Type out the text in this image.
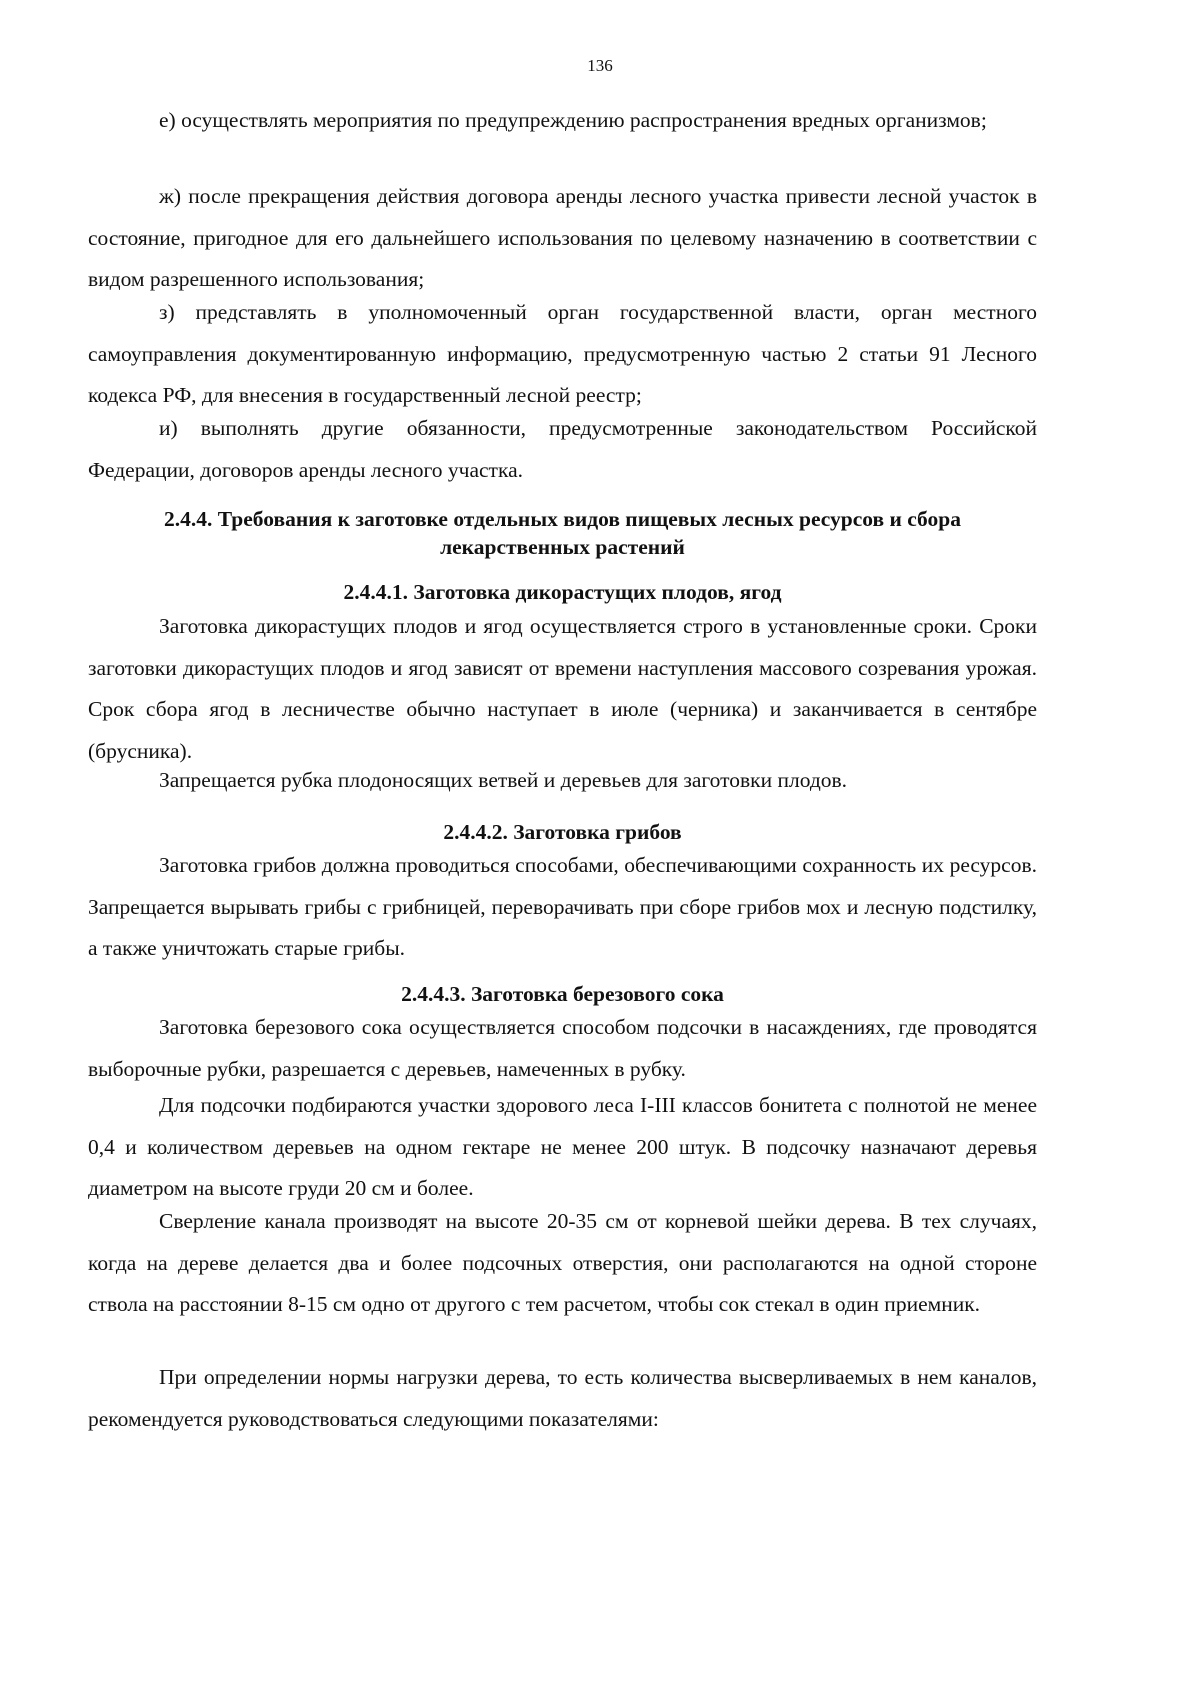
136

е) осуществлять мероприятия по предупреждению распространения вредных организмов;

ж) после прекращения действия договора аренды лесного участка привести лесной участок в состояние, пригодное для его дальнейшего использования по целевому назначению в соответствии с видом разрешенного использования;

з) представлять в уполномоченный орган государственной власти, орган местного самоуправления документированную информацию, предусмотренную частью 2 статьи 91 Лесного кодекса РФ, для внесения в государственный лесной реестр;

и) выполнять другие обязанности, предусмотренные законодательством Российской Федерации, договоров аренды лесного участка.

2.4.4. Требования к заготовке отдельных видов пищевых лесных ресурсов и сбора
лекарственных растений
2.4.4.1. Заготовка дикорастущих плодов, ягод

Заготовка дикорастущих плодов и ягод осуществляется строго в установленные сроки. Сроки заготовки дикорастущих плодов и ягод зависят от времени наступления массового созревания урожая. Срок сбора ягод в лесничестве обычно наступает в июле (черника) и заканчивается в сентябре (брусника).

Запрещается рубка плодоносящих ветвей и деревьев для заготовки плодов.

2.4.4.2. Заготовка грибов

Заготовка грибов должна проводиться способами, обеспечивающими сохранность их ресурсов. Запрещается вырывать грибы с грибницей, переворачивать при сборе грибов мох и лесную подстилку, а также уничтожать старые грибы.

2.4.4.3. Заготовка березового сока

Заготовка березового сока осуществляется способом подсочки в насаждениях, где проводятся выборочные рубки, разрешается с деревьев, намеченных в рубку.

Для подсочки подбираются участки здорового леса I-III классов бонитета с полнотой не менее 0,4 и количеством деревьев на одном гектаре не менее 200 штук. В подсочку назначают деревья диаметром на высоте груди 20 см и более.

Сверление канала производят на высоте 20-35 см от корневой шейки дерева. В тех случаях, когда на дереве делается два и более подсочных отверстия, они располагаются на одной стороне ствола на расстоянии 8-15 см одно от другого с тем расчетом, чтобы сок стекал в один приемник.

При определении нормы нагрузки дерева, то есть количества высверливаемых в нем каналов, рекомендуется руководствоваться следующими показателями:
